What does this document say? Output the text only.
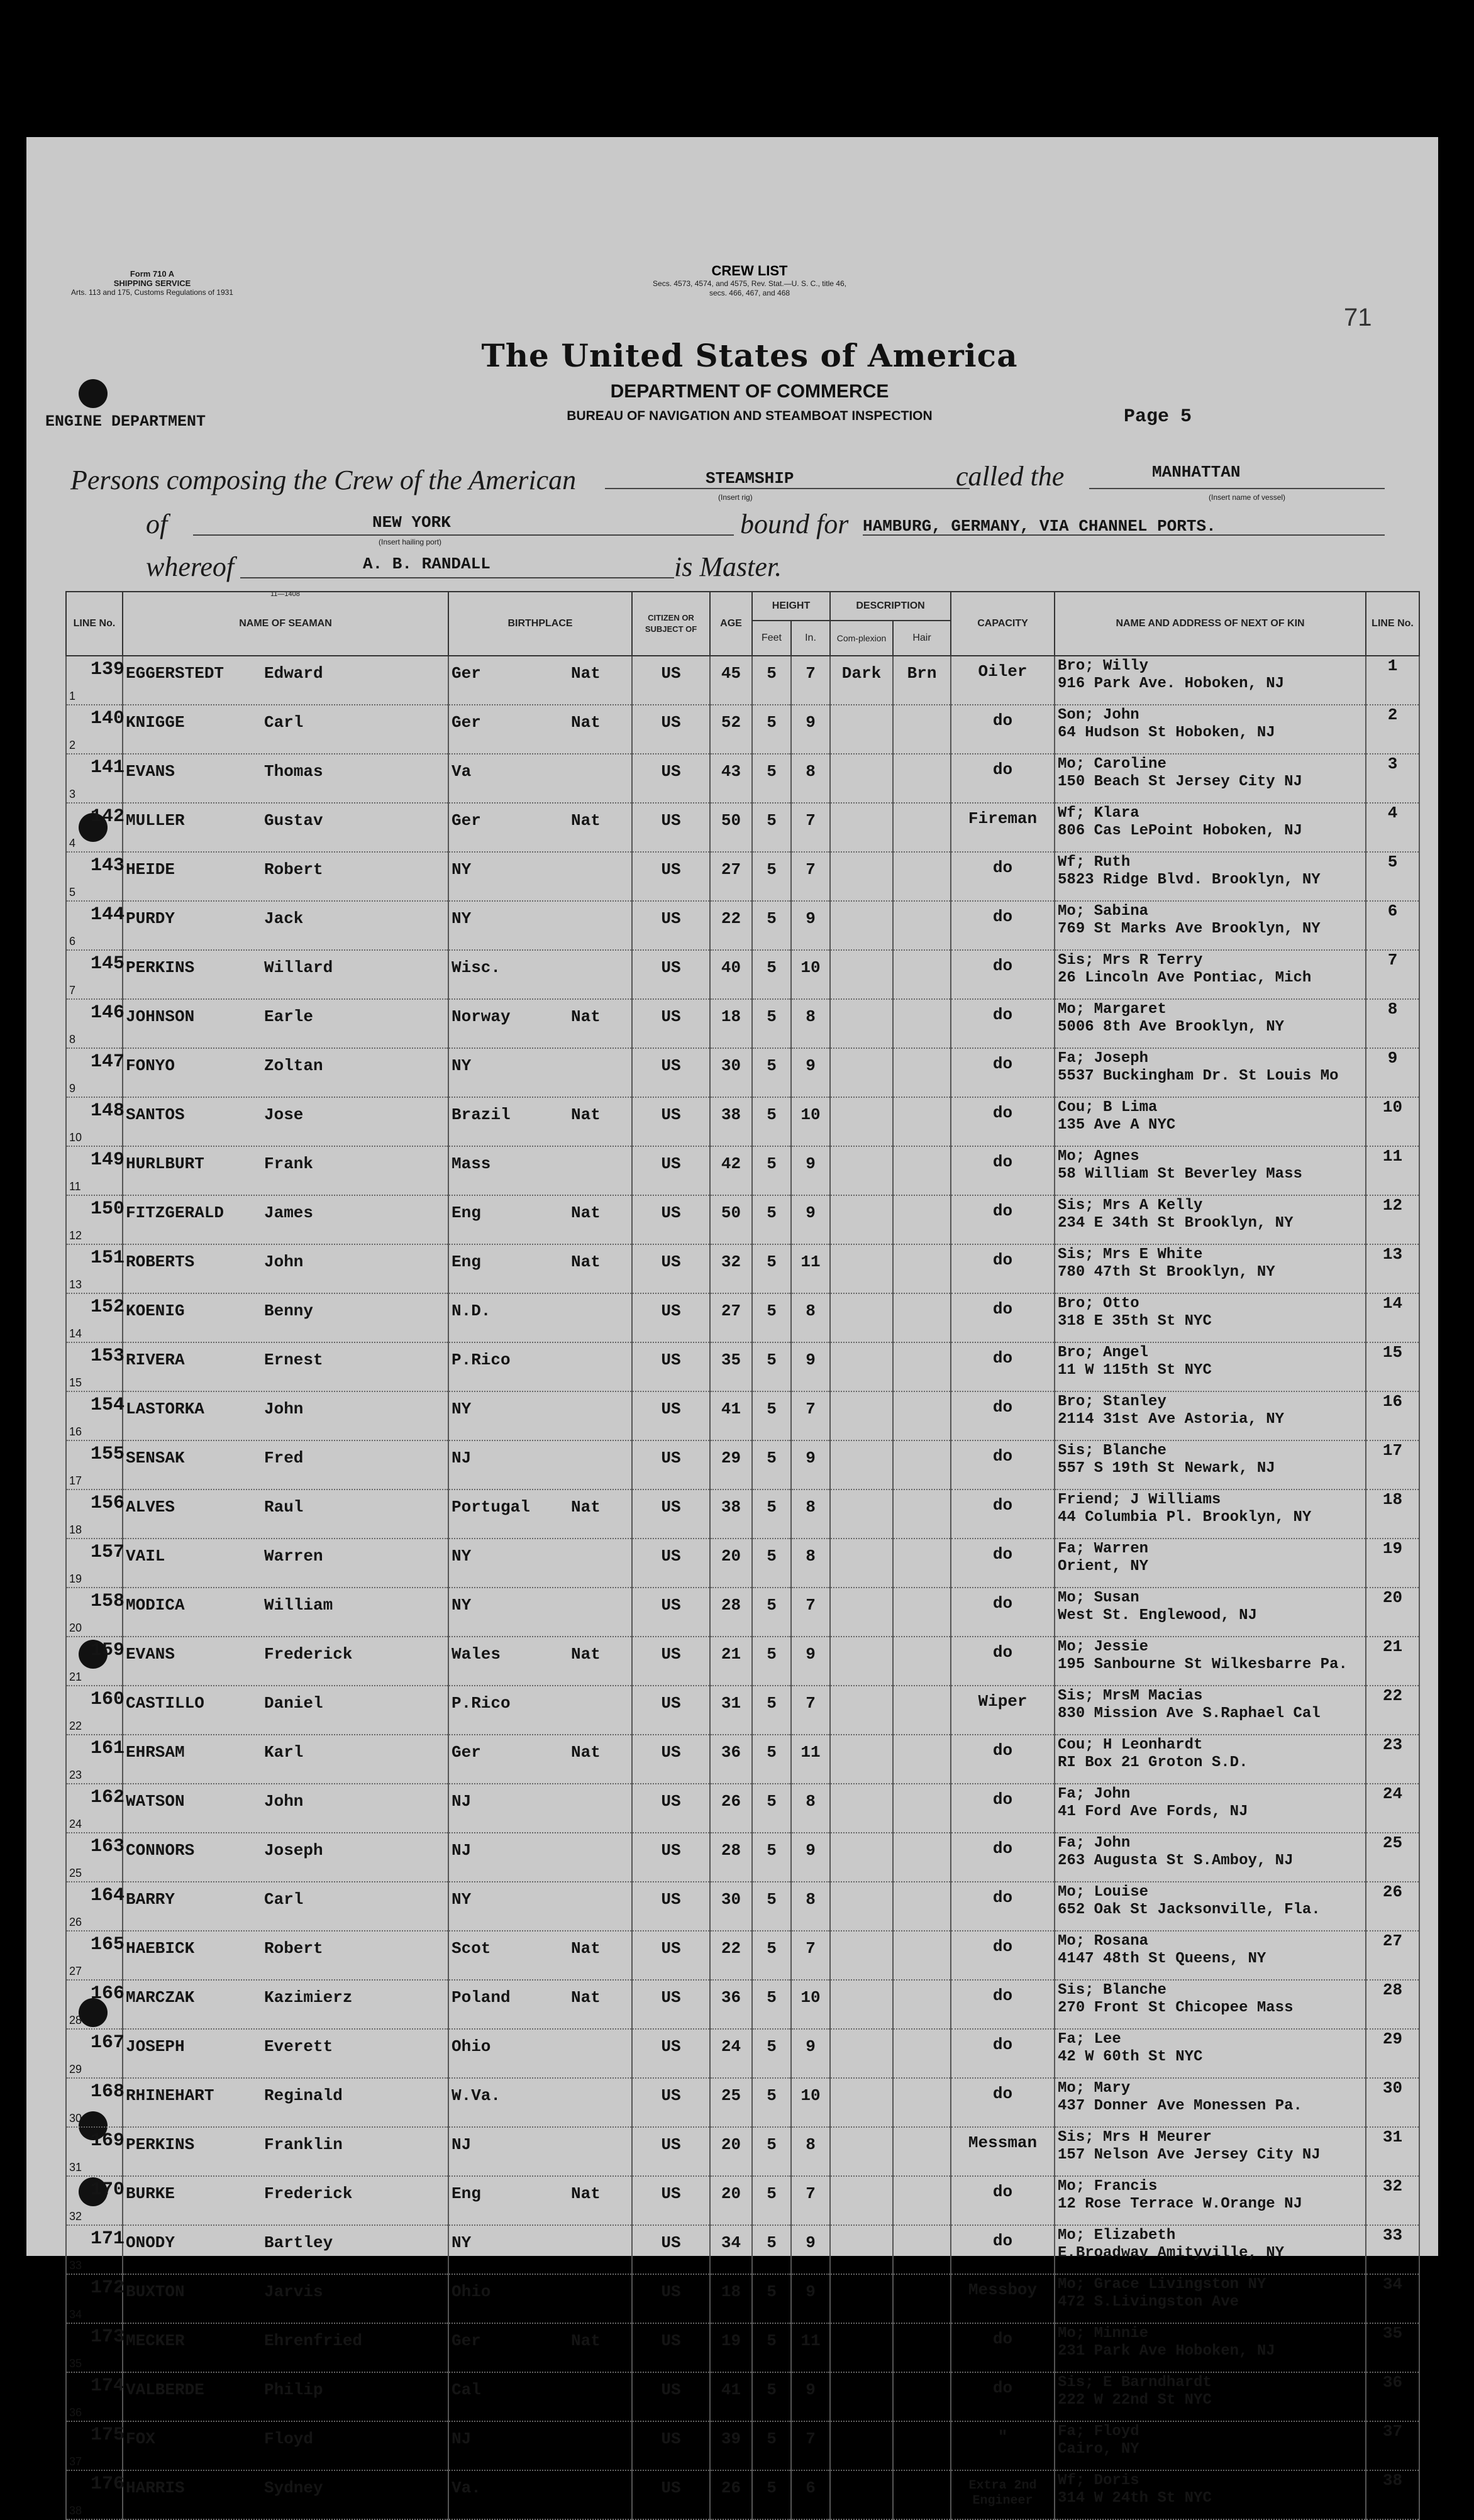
Form 710 A
SHIPPING SERVICE
Arts. 113 and 175, Customs Regulations of 1931
CREW LIST
Secs. 4573, 4574, and 4575, Rev. Stat.—U. S. C., title 46,
secs. 466, 467, and 468
71
The United States of America
DEPARTMENT OF COMMERCE
BUREAU OF NAVIGATION AND STEAMBOAT INSPECTION
ENGINE DEPARTMENT	Page 5
Persons composing the Crew of the American	STEAMSHIP
(Insert rig)
called the	MANHATTAN
(Insert name of vessel)
of	NEW YORK
(Insert hailing port)
bound for HAMBURG, GERMANY, VIA CHANNEL PORTS.
whereof	A. B. RANDALL	is Master.
11—1408
LINE No.	NAME OF SEAMAN	BIRTHPLACE	CITIZEN OR SUBJECT OF	AGE	HEIGHT		DESCRIPTION		CAPACITY	NAME AND ADDRESS OF NEXT OF KIN	LINE No.
					Feet	In.	Com-plexion	Hair			

1	139 EGGERSTEDT Edward	Ger Nat	US	45	5	7	Dark	Brn	Oiler	Bro; Willy
916 Park Ave. Hoboken, NJ	1

2	140 KNIGGE Carl	Ger Nat	US	52	5	9			do	Son; John
64 Hudson St Hoboken, NJ	2

3	141 EVANS Thomas	Va	US	43	5	8			do	Mo; Caroline
150 Beach St Jersey City NJ	3

4	142 MULLER Gustav	Ger Nat	US	50	5	7			Fireman	Wf; Klara
806 Cas LePoint Hoboken, NJ	4

5	143 HEIDE Robert	NY	US	27	5	7			do	Wf; Ruth
5823 Ridge Blvd. Brooklyn, NY	5

6	144 PURDY Jack	NY	US	22	5	9			do	Mo; Sabina
769 St Marks Ave Brooklyn, NY	6

7	145 PERKINS Willard	Wisc.	US	40	5	10			do	Sis; Mrs R Terry
26 Lincoln Ave Pontiac, Mich	7

8	146 JOHNSON Earle	Norway Nat	US	18	5	8			do	Mo; Margaret
5006 8th Ave Brooklyn, NY	8

9	147 FONYO Zoltan	NY	US	30	5	9			do	Fa; Joseph
5537 Buckingham Dr. St Louis Mo	9

10	148 SANTOS Jose	Brazil Nat	US	38	5	10			do	Cou; B Lima
135 Ave A NYC	10

11	149 HURLBURT Frank	Mass	US	42	5	9			do	Mo; Agnes
58 William St Beverley Mass	11

12	150 FITZGERALD James	Eng Nat	US	50	5	9			do	Sis; Mrs A Kelly
234 E 34th St Brooklyn, NY	12

13	151 ROBERTS John	Eng Nat	US	32	5	11			do	Sis; Mrs E White
780 47th St Brooklyn, NY	13

14	152 KOENIG Benny	N.D.	US	27	5	8			do	Bro; Otto
318 E 35th St NYC	14

15	153 RIVERA Ernest	P.Rico	US	35	5	9			do	Bro; Angel
11 W 115th St NYC	15

16	154 LASTORKA John	NY	US	41	5	7			do	Bro; Stanley
2114 31st Ave Astoria, NY	16

17	155 SENSAK Fred	NJ	US	29	5	9			do	Sis; Blanche
557 S 19th St Newark, NJ	17

18	156 ALVES Raul	Portugal Nat	US	38	5	8			do	Friend; J Williams
44 Columbia Pl. Brooklyn, NY	18

19	157 VAIL Warren	NY	US	20	5	8			do	Fa; Warren
Orient, NY	19

20	158 MODICA William	NY	US	28	5	7			do	Mo; Susan
West St. Englewood, NJ	20

21	159 EVANS Frederick	Wales Nat	US	21	5	9			do	Mo; Jessie
195 Sanbourne St Wilkesbarre Pa.	21

22	160 CASTILLO Daniel	P.Rico	US	31	5	7			Wiper	Sis; MrsM Macias
830 Mission Ave S.Raphael Cal	22

23	161 EHRSAM Karl	Ger Nat	US	36	5	11			do	Cou; H Leonhardt
RI Box 21 Groton S.D.	23

24	162 WATSON John	NJ	US	26	5	8			do	Fa; John
41 Ford Ave Fords, NJ	24

25	163 CONNORS Joseph	NJ	US	28	5	9			do	Fa; John
263 Augusta St S.Amboy, NJ	25

26	164 BARRY Carl	NY	US	30	5	8			do	Mo; Louise
652 Oak St Jacksonville, Fla.	26

27	165 HAEBICK Robert	Scot Nat	US	22	5	7			do	Mo; Rosana
4147 48th St Queens, NY	27

28	166 MARCZAK Kazimierz	Poland Nat	US	36	5	10			do	Sis; Blanche
270 Front St Chicopee Mass	28

29	167 JOSEPH Everett	Ohio	US	24	5	9			do	Fa; Lee
42 W 60th St NYC	29

30	168 RHINEHART Reginald	W.Va.	US	25	5	10			do	Mo; Mary
437 Donner Ave Monessen Pa.	30

31	169 PERKINS Franklin	NJ	US	20	5	8			Messman	Sis; Mrs H Meurer
157 Nelson Ave Jersey City NJ	31

32	170 BURKE Frederick	Eng Nat	US	20	5	7			do	Mo; Francis
12 Rose Terrace W.Orange NJ	32

33	171 ONODY Bartley	NY	US	34	5	9			do	Mo; Elizabeth
E.Broadway Amityville, NY	33

34	172 BUXTON Jarvis	Ohio	US	18	5	9			Messboy	Mo; Grace Livingston NY
472 S.Livingston Ave	34

35	173 MECKER Ehrenfried	Ger Nat	US	19	5	11			do	Mo; Minnie
231 Park Ave Hoboken, NJ	35

36	174 VALBERDE Philip	Cal	US	41	5	9			do	Sis; E Barndhardt
222 W 22nd St NYC	36

37	175 FOX Floyd	NJ	US	39	5	7			"	Fa; Floyd
Cairo, NY	37

38	176 HARRIS Sydney	Va.	US	26	5	6			Extra 2nd Engineer	Wf; Doris
314 W 24th St NYC	38
